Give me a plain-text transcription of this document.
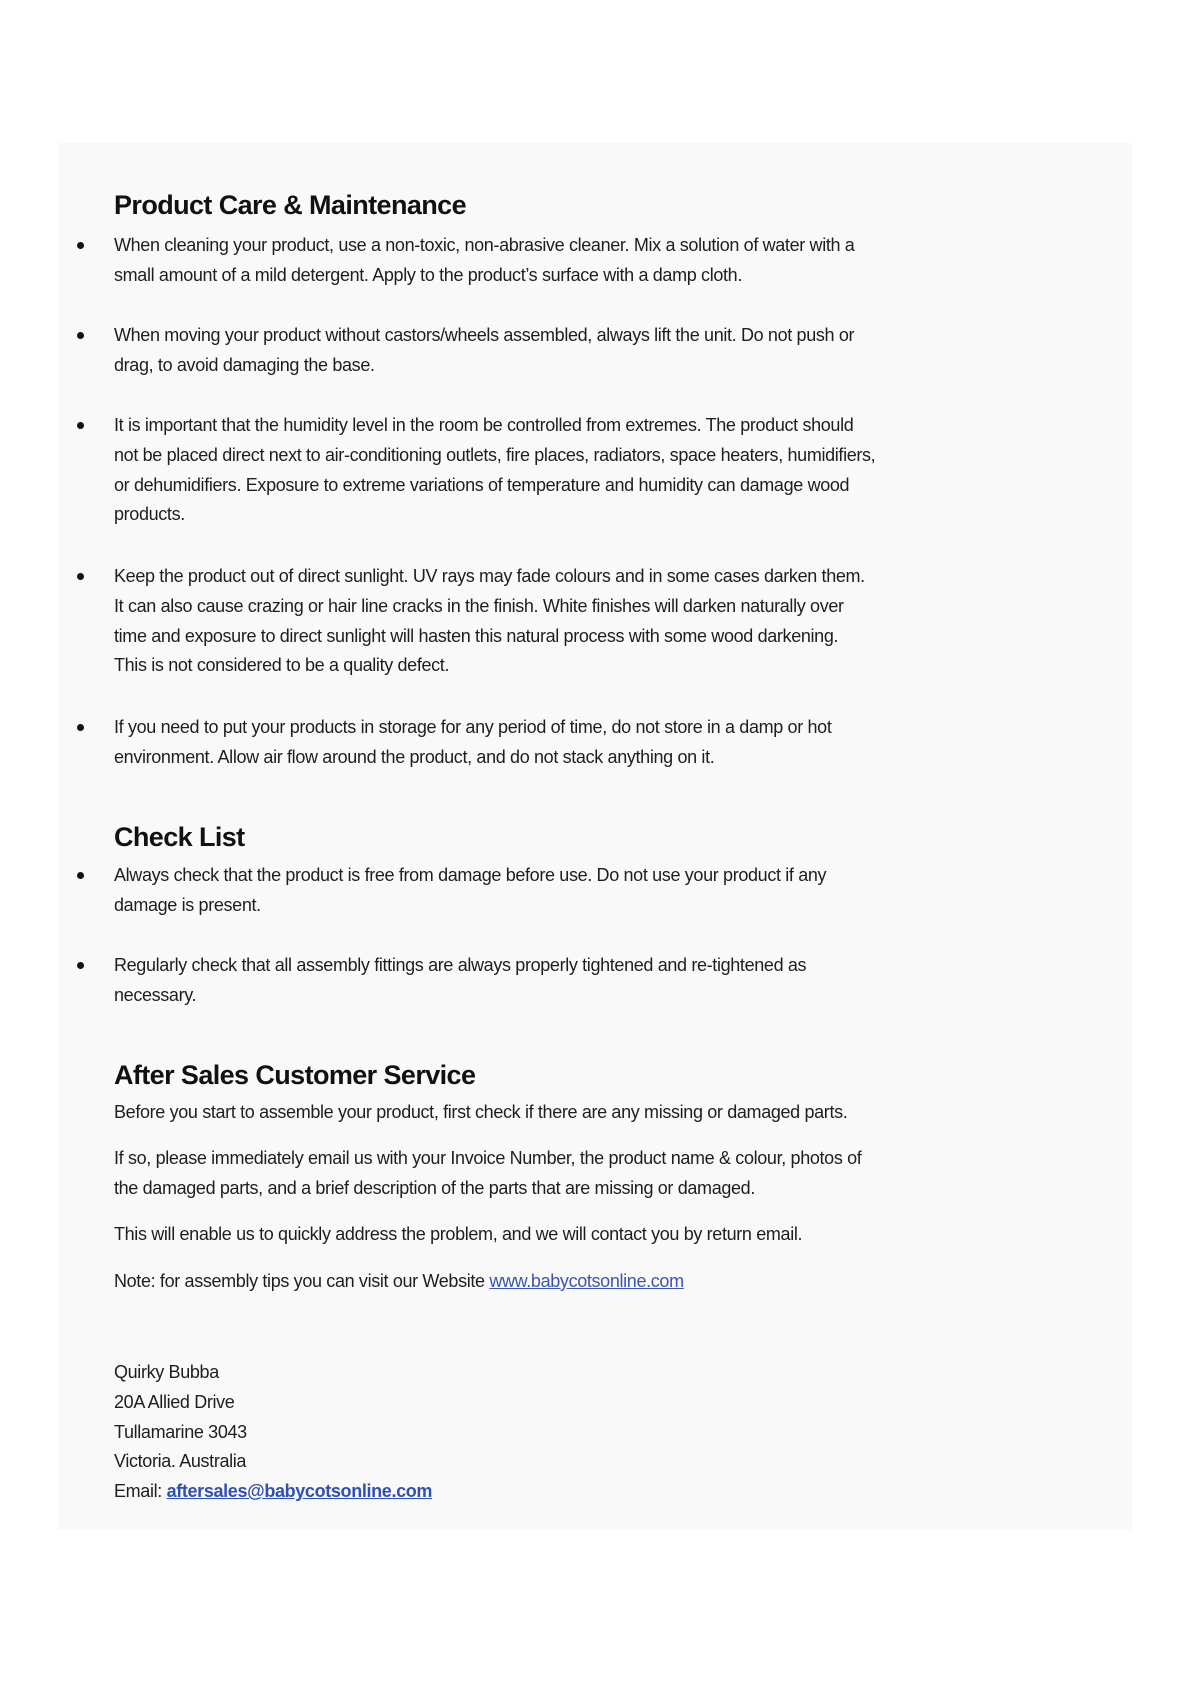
Product Care & Maintenance
When cleaning your product, use a non-toxic, non-abrasive cleaner. Mix a solution of water with a
small amount of a mild detergent. Apply to the product’s surface with a damp cloth.
When moving your product without castors/wheels assembled, always lift the unit. Do not push or
drag, to avoid damaging the base.
It is important that the humidity level in the room be controlled from extremes. The product should
not be placed direct next to air-conditioning outlets, fire places, radiators, space heaters, humidifiers,
or dehumidifiers. Exposure to extreme variations of temperature and humidity can damage wood
products.
Keep the product out of direct sunlight. UV rays may fade colours and in some cases darken them.
It can also cause crazing or hair line cracks in the finish. White finishes will darken naturally over
time and exposure to direct sunlight will hasten this natural process with some wood darkening.
This is not considered to be a quality defect.
If you need to put your products in storage for any period of time, do not store in a damp or hot
environment. Allow air flow around the product, and do not stack anything on it.
Check List
Always check that the product is free from damage before use. Do not use your product if any
damage is present.
Regularly check that all assembly fittings are always properly tightened and re-tightened as
necessary.
After Sales Customer Service
Before you start to assemble your product, first check if there are any missing or damaged parts.
If so, please immediately email us with your Invoice Number, the product name & colour, photos of
the damaged parts, and a brief description of the parts that are missing or damaged.
This will enable us to quickly address the problem, and we will contact you by return email.
Note: for assembly tips you can visit our Website www.babycotsonline.com
Quirky Bubba
20A Allied Drive
Tullamarine 3043
Victoria. Australia
Email: aftersales@babycotsonline.com
